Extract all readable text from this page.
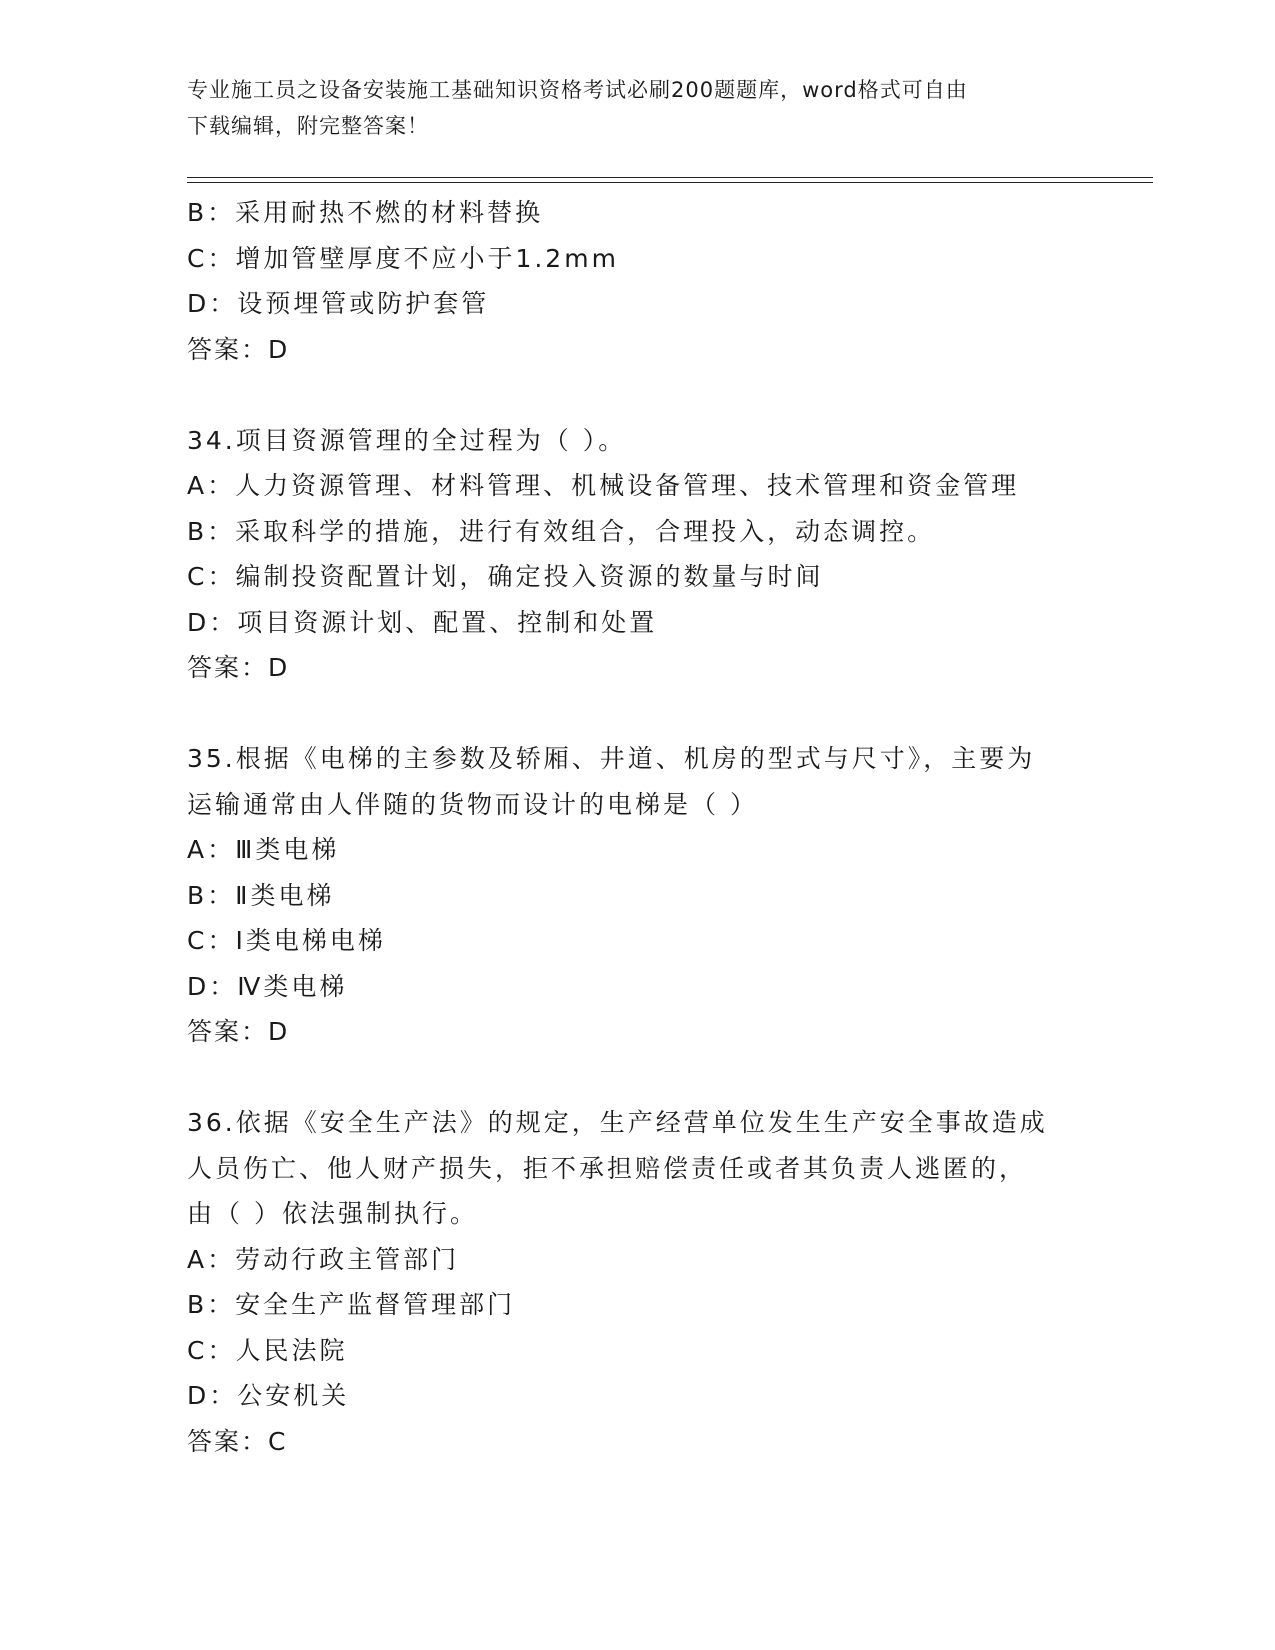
专业施工员之设备安装施工基础知识资格考试必刷200题题库，word格式可自由
下载编辑，附完整答案！
B：采用耐热不燃的材料替换
C：增加管壁厚度不应小于1.2mm
D：设预埋管或防护套管
答案：D
34.项目资源管理的全过程为（ ）。
A：人力资源管理、材料管理、机械设备管理、技术管理和资金管理
B：采取科学的措施，进行有效组合，合理投入，动态调控。
C：编制投资配置计划，确定投入资源的数量与时间
D：项目资源计划、配置、控制和处置
答案：D
35.根据《电梯的主参数及轿厢、井道、机房的型式与尺寸》，主要为
运输通常由人伴随的货物而设计的电梯是（ ）
A：Ⅲ类电梯
B：Ⅱ类电梯
C：Ⅰ类电梯电梯
D：Ⅳ类电梯
答案：D
36.依据《安全生产法》的规定，生产经营单位发生生产安全事故造成
人员伤亡、他人财产损失，拒不承担赔偿责任或者其负责人逃匿的，
由（ ）依法强制执行。
A：劳动行政主管部门
B：安全生产监督管理部门
C：人民法院
D：公安机关
答案：C
